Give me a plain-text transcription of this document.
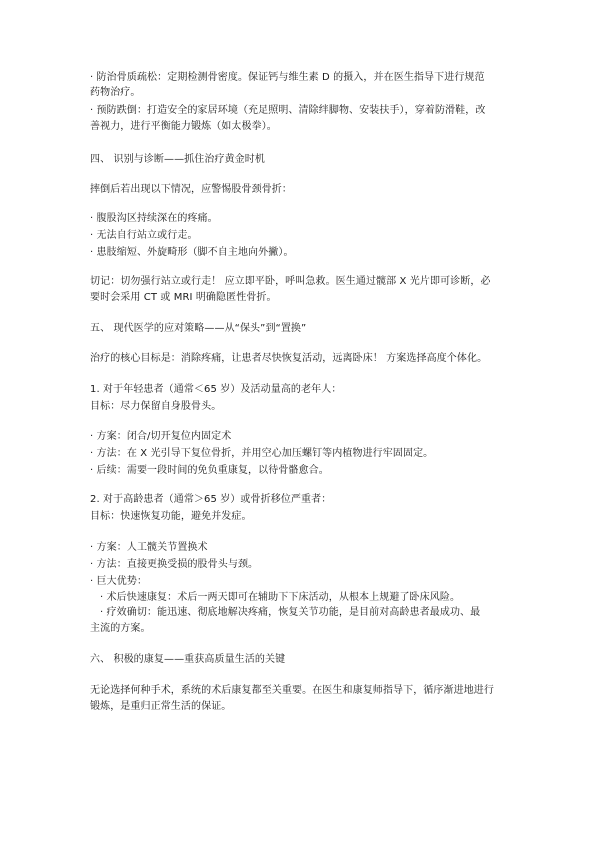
· 防治骨质疏松：定期检测骨密度。保证钙与维生素 D 的摄入，并在医生指导下进行规范
药物治疗。
· 预防跌倒：打造安全的家居环境（充足照明、清除绊脚物、安装扶手），穿着防滑鞋，改
善视力，进行平衡能力锻炼（如太极拳）。
四、 识别与诊断——抓住治疗黄金时机
摔倒后若出现以下情况，应警惕股骨颈骨折：
· 腹股沟区持续深在的疼痛。
· 无法自行站立或行走。
· 患肢缩短、外旋畸形（脚不自主地向外撇）。
切记：切勿强行站立或行走！ 应立即平卧，呼叫急救。医生通过髋部 X 光片即可诊断，必
要时会采用 CT 或 MRI 明确隐匿性骨折。
五、 现代医学的应对策略——从“保头”到“置换”
治疗的核心目标是：消除疼痛，让患者尽快恢复活动，远离卧床！ 方案选择高度个体化。
1. 对于年轻患者（通常＜65 岁）及活动量高的老年人：
目标：尽力保留自身股骨头。
· 方案：闭合/切开复位内固定术
· 方法：在 X 光引导下复位骨折，并用空心加压螺钉等内植物进行牢固固定。
· 后续：需要一段时间的免负重康复，以待骨骼愈合。
2. 对于高龄患者（通常＞65 岁）或骨折移位严重者：
目标：快速恢复功能，避免并发症。
· 方案：人工髋关节置换术
· 方法：直接更换受损的股骨头与颈。
· 巨大优势：
· 术后快速康复：术后一两天即可在辅助下下床活动，从根本上规避了卧床风险。
· 疗效确切：能迅速、彻底地解决疼痛，恢复关节功能，是目前对高龄患者最成功、最
主流的方案。
六、 积极的康复——重获高质量生活的关键
无论选择何种手术，系统的术后康复都至关重要。在医生和康复师指导下，循序渐进地进行
锻炼，是重归正常生活的保证。
